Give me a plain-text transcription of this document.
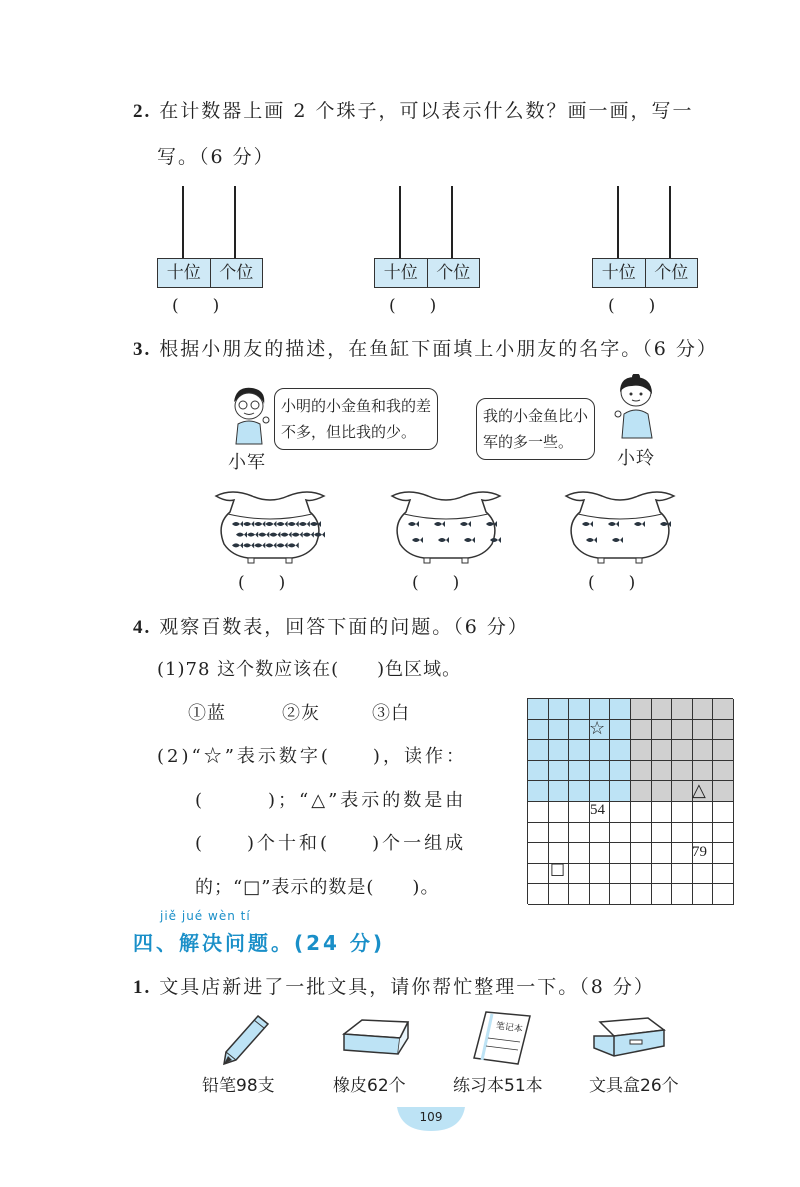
2. 在计数器上画 2 个珠子，可以表示什么数？画一画，写一
写。（6 分）
十位	个位
(　　)
十位	个位
(　　)
十位	个位
(　　)
3. 根据小朋友的描述，在鱼缸下面填上小朋友的名字。（6 分）
小军
小明的小金鱼和我的差
不多，但比我的少。
我的小金鱼比小
军的多一些。
小玲
(　　)	(　　)	(　　)
4. 观察百数表，回答下面的问题。（6 分）
(1)78 这个数应该在(　　)色区域。
①蓝	②灰	③白
(2)“☆”表示数字(　　)，读作：
(　　　)；“△”表示的数是由
(　　)个十和(　　)个一组成
的；“□”表示的数是(　　)。
54
79
☆
△
□
jiě jué wèn tí
四、解决问题。(24 分)
1. 文具店新进了一批文具，请你帮忙整理一下。（8 分）
笔记本
铅笔98支	橡皮62个	练习本51本	文具盒26个
109
